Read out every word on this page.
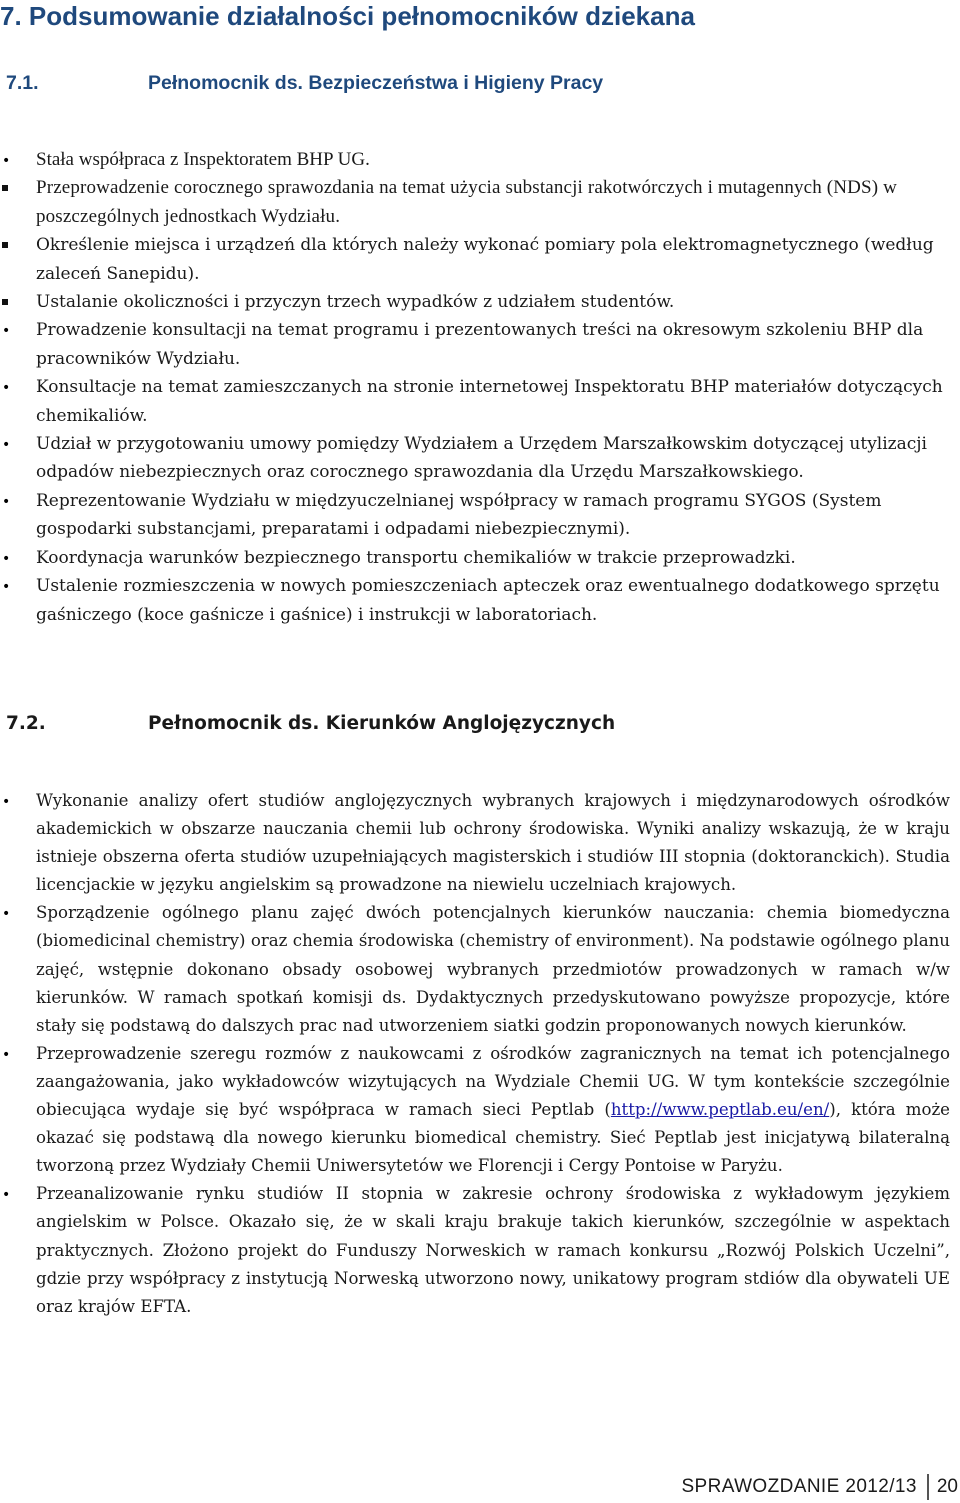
7. Podsumowanie działalności pełnomocników dziekana
7.1.	Pełnomocnik ds. Bezpieczeństwa i Higieny Pracy
•
Stała współpraca z Inspektoratem BHP UG.
Przeprowadzenie corocznego sprawozdania na temat użycia substancji rakotwórczych i mutagennych (NDS) w poszczególnych jednostkach Wydziału.
Określenie miejsca i urządzeń dla których należy wykonać pomiary pola elektromagnetycznego (według zaleceń Sanepidu).
Ustalanie okoliczności i przyczyn trzech wypadków z udziałem studentów.
•
Prowadzenie konsultacji na temat programu i prezentowanych treści na okresowym szkoleniu BHP dla pracowników Wydziału.
•
Konsultacje na temat zamieszczanych na stronie internetowej Inspektoratu BHP materiałów dotyczących chemikaliów.
•
Udział w przygotowaniu umowy pomiędzy Wydziałem a Urzędem Marszałkowskim dotyczącej utylizacji odpadów niebezpiecznych oraz corocznego sprawozdania dla Urzędu Marszałkowskiego.
•
Reprezentowanie Wydziału w międzyuczelnianej współpracy w ramach programu SYGOS (System gospodarki substancjami, preparatami i odpadami niebezpiecznymi).
•
Koordynacja warunków bezpiecznego transportu chemikaliów w trakcie przeprowadzki.
•
Ustalenie rozmieszczenia w nowych pomieszczeniach apteczek oraz ewentualnego dodatkowego sprzętu gaśniczego (koce gaśnicze i gaśnice) i instrukcji w laboratoriach.
7.2.	Pełnomocnik ds. Kierunków Anglojęzycznych
•
Wykonanie analizy ofert studiów anglojęzycznych wybranych krajowych i międzynarodowych ośrodków akademickich w obszarze nauczania chemii lub ochrony środowiska. Wyniki analizy wskazują, że w kraju istnieje obszerna oferta studiów uzupełniających magisterskich i studiów III stopnia (doktoranckich). Studia licencjackie w języku angielskim są prowadzone na niewielu uczelniach krajowych.
•
Sporządzenie ogólnego planu zajęć dwóch potencjalnych kierunków nauczania: chemia biomedyczna (biomedicinal chemistry) oraz chemia środowiska (chemistry of environment). Na podstawie ogólnego planu zajęć, wstępnie dokonano obsady osobowej wybranych przedmiotów prowadzonych w ramach w/w kierunków. W ramach spotkań komisji ds. Dydaktycznych przedyskutowano powyższe propozycje, które stały się podstawą do dalszych prac nad utworzeniem siatki godzin proponowanych nowych kierunków.
•
Przeprowadzenie szeregu rozmów z naukowcami z ośrodków zagranicznych na temat ich potencjalnego zaangażowania, jako wykładowców wizytujących na Wydziale Chemii UG. W tym kontekście szczególnie obiecująca wydaje się być współpraca w ramach sieci Peptlab (http://www.peptlab.eu/en/), która może okazać się podstawą dla nowego kierunku biomedical chemistry. Sieć Peptlab jest inicjatywą bilateralną tworzoną przez Wydziały Chemii Uniwersytetów we Florencji i Cergy Pontoise w Paryżu.
•
Przeanalizowanie rynku studiów II stopnia w zakresie ochrony środowiska z wykładowym językiem angielskim w Polsce. Okazało się, że w skali kraju brakuje takich kierunków, szczególnie w aspektach praktycznych. Złożono projekt do Funduszy Norweskich w ramach konkursu „Rozwój Polskich Uczelni”, gdzie przy współpracy z instytucją Norweską utworzono nowy, unikatowy program stdiów dla obywateli UE oraz krajów EFTA.
SPRAWOZDANIE 2012/13	20
